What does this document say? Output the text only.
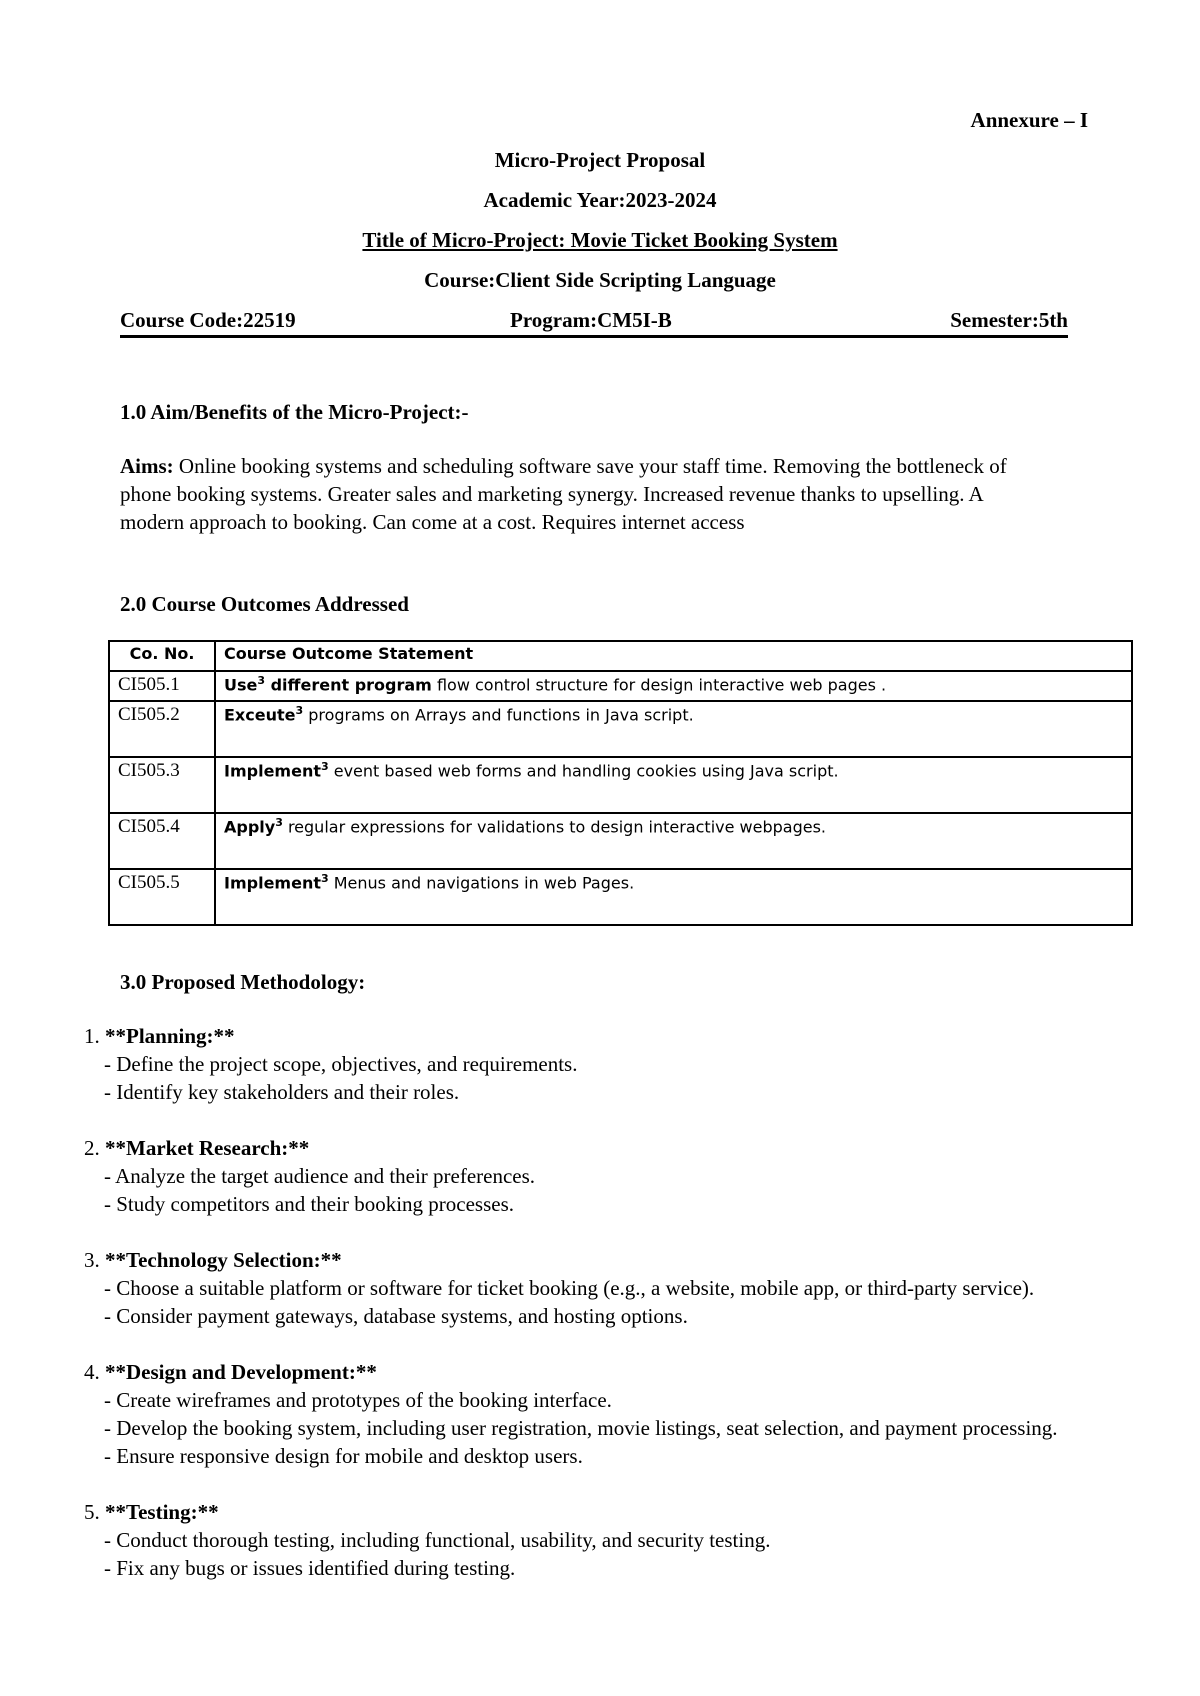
Annexure – I
Micro-Project Proposal
Academic Year:2023-2024
Title of Micro-Project: Movie Ticket Booking System
Course:Client Side Scripting Language
Course Code:22519	Program:CM5I-B	Semester:5th
1.0 Aim/Benefits of the Micro-Project:-
Aims: Online booking systems and scheduling software save your staff time. Removing the bottleneck of phone booking systems. Greater sales and marketing synergy. Increased revenue thanks to upselling. A modern approach to booking. Can come at a cost. Requires internet access
2.0 Course Outcomes Addressed
Co. No.	Course Outcome Statement
CI505.1	Use$^3$ different program flow control structure for design interactive web pages .
CI505.2	Exceute$^3$ programs on Arrays and functions in Java script.
CI505.3	Implement$^3$ event based web forms and handling cookies using Java script.
CI505.4	Apply$^3$ regular expressions for validations to design interactive webpages.
CI505.5	Implement$^3$ Menus and navigations in web Pages.
3.0 Proposed Methodology:
1. **Planning:**
- Define the project scope, objectives, and requirements.
- Identify key stakeholders and their roles.
2. **Market Research:**
- Analyze the target audience and their preferences.
- Study competitors and their booking processes.
3. **Technology Selection:**
- Choose a suitable platform or software for ticket booking (e.g., a website, mobile app, or third-party service).
- Consider payment gateways, database systems, and hosting options.
4. **Design and Development:**
- Create wireframes and prototypes of the booking interface.
- Develop the booking system, including user registration, movie listings, seat selection, and payment processing.
- Ensure responsive design for mobile and desktop users.
5. **Testing:**
- Conduct thorough testing, including functional, usability, and security testing.
- Fix any bugs or issues identified during testing.
